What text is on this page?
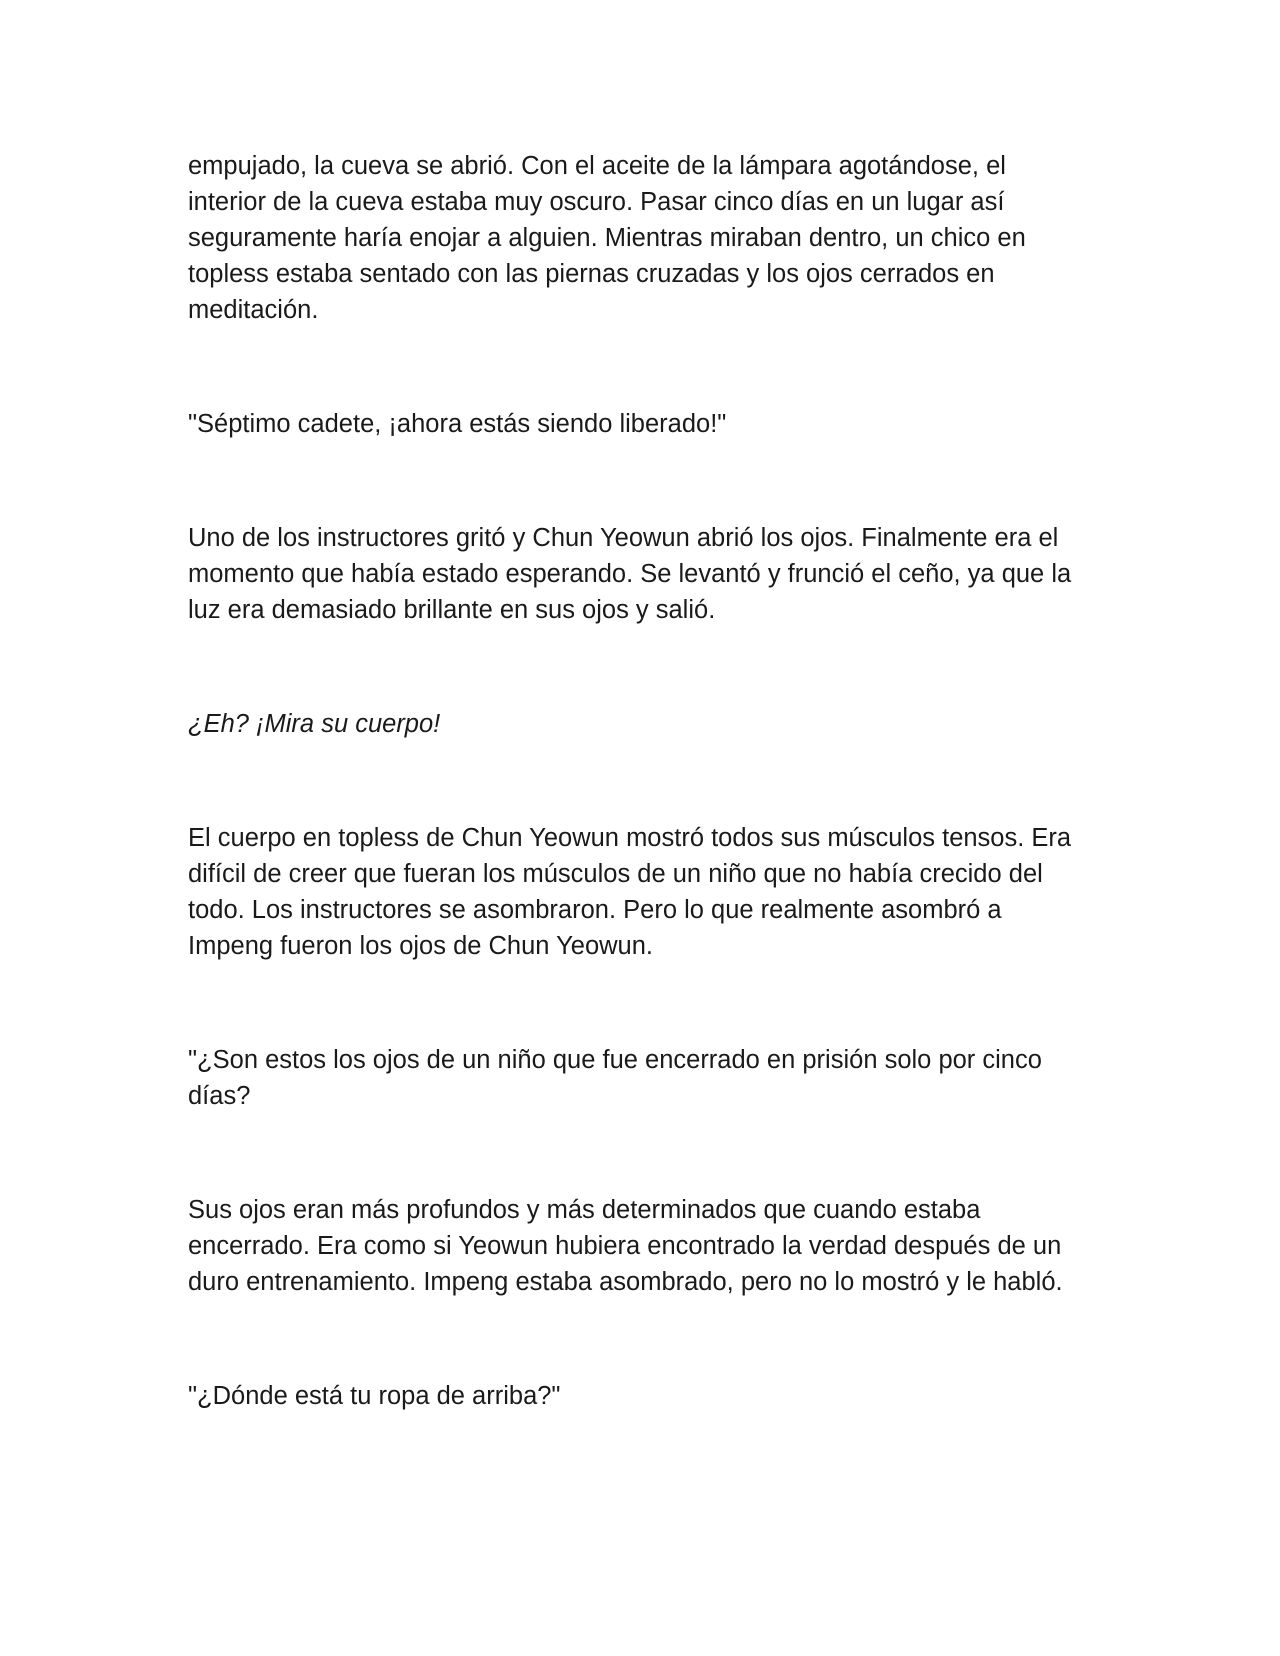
empujado, la cueva se abrió. Con el aceite de la lámpara agotándose, el interior de la cueva estaba muy oscuro. Pasar cinco días en un lugar así seguramente haría enojar a alguien. Mientras miraban dentro, un chico en topless estaba sentado con las piernas cruzadas y los ojos cerrados en meditación.

"Séptimo cadete, ¡ahora estás siendo liberado!"

Uno de los instructores gritó y Chun Yeowun abrió los ojos. Finalmente era el momento que había estado esperando. Se levantó y frunció el ceño, ya que la luz era demasiado brillante en sus ojos y salió.

¿Eh? ¡Mira su cuerpo!

El cuerpo en topless de Chun Yeowun mostró todos sus músculos tensos. Era difícil de creer que fueran los músculos de un niño que no había crecido del todo. Los instructores se asombraron. Pero lo que realmente asombró a Impeng fueron los ojos de Chun Yeowun.

"¿Son estos los ojos de un niño que fue encerrado en prisión solo por cinco días?

Sus ojos eran más profundos y más determinados que cuando estaba encerrado. Era como si Yeowun hubiera encontrado la verdad después de un duro entrenamiento. Impeng estaba asombrado, pero no lo mostró y le habló.

"¿Dónde está tu ropa de arriba?"
